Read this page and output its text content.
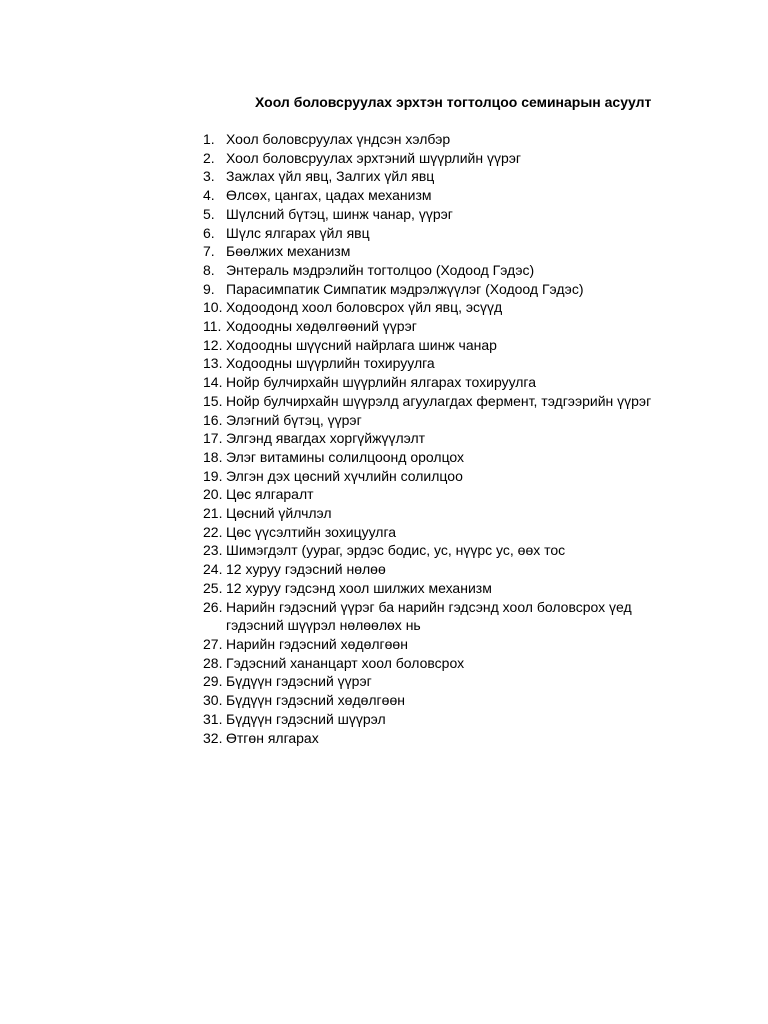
Хоол боловсруулах эрхтэн тогтолцоо семинарын асуулт
1. Хоол боловсруулах үндсэн хэлбэр
2. Хоол боловсруулах эрхтэний шүүрлийн үүрэг
3. Зажлах үйл явц, Залгих үйл явц
4. Өлсөх, цангах, цадах механизм
5. Шүлсний бүтэц, шинж чанар, үүрэг
6. Шүлс ялгарах үйл явц
7. Бөөлжих механизм
8. Энтераль мэдрэлийн тогтолцоо (Ходоод Гэдэс)
9. Парасимпатик Симпатик мэдрэлжүүлэг (Ходоод Гэдэс)
10. Ходоодонд хоол боловсрох үйл явц, эсүүд
11. Ходоодны хөдөлгөөний үүрэг
12. Ходоодны шүүсний найрлага шинж чанар
13. Ходоодны шүүрлийн тохируулга
14. Нойр булчирхайн шүүрлийн ялгарах тохируулга
15. Нойр булчирхайн шүүрэлд агуулагдах фермент, тэдгээрийн үүрэг
16. Элэгний бүтэц, үүрэг
17. Элгэнд явагдах хоргүйжүүлэлт
18. Элэг витамины солилцоонд оролцох
19. Элгэн дэх цөсний хүчлийн солилцоо
20. Цөс ялгаралт
21. Цөсний үйлчлэл
22. Цөс үүсэлтийн зохицуулга
23. Шимэгдэлт (уураг, эрдэс бодис, ус, нүүрс ус, өөх тос
24. 12 хуруу гэдэсний нөлөө
25. 12 хуруу гэдсэнд хоол шилжих механизм
26. Нарийн гэдэсний үүрэг ба нарийн гэдсэнд хоол боловсрох үед
гэдэсний шүүрэл нөлөөлөх нь
27. Нарийн гэдэсний хөдөлгөөн
28. Гэдэсний хананцарт хоол боловсрох
29. Бүдүүн гэдэсний үүрэг
30. Бүдүүн гэдэсний хөдөлгөөн
31. Бүдүүн гэдэсний шүүрэл
32. Өтгөн ялгарах
